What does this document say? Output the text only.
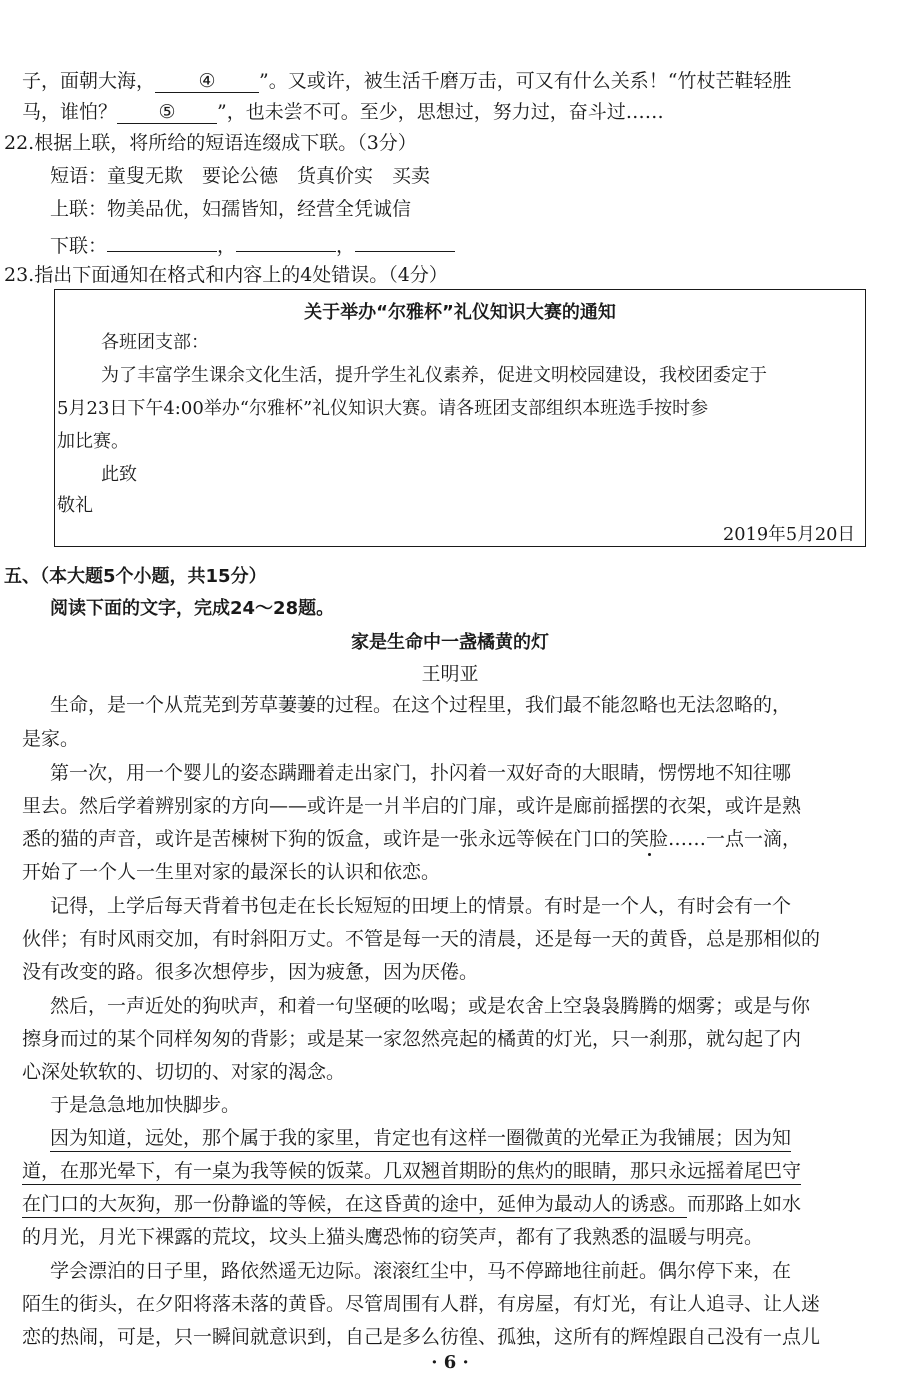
子，面朝大海， ④ ”。又或许，被生活千磨万击，可又有什么关系！“竹杖芒鞋轻胜
马，谁怕？ ⑤ ”，也未尝不可。至少，思想过，努力过，奋斗过……
22.根据上联，将所给的短语连缀成下联。（3分）
短语：童叟无欺　要论公德　货真价实　买卖
上联：物美品优，妇孺皆知，经营全凭诚信
下联：	，	，
23.指出下面通知在格式和内容上的4处错误。（4分）
关于举办“尔雅杯”礼仪知识大赛的通知
各班团支部：
为了丰富学生课余文化生活，提升学生礼仪素养，促进文明校园建设，我校团委定于
5月23日下午4:00举办“尔雅杯”礼仪知识大赛。请各班团支部组织本班选手按时参
加比赛。
此致
敬礼
2019年5月20日
五、（本大题5个小题，共15分）
阅读下面的文字，完成24～28题。
家是生命中一盏橘黄的灯
王明亚
生命，是一个从荒芜到芳草萋萋的过程。在这个过程里，我们最不能忽略也无法忽略的，
是家。
第一次，用一个婴儿的姿态蹒跚着走出家门，扑闪着一双好奇的大眼睛，愣愣地不知往哪
里去。然后学着辨别家的方向——或许是一爿半启的门扉，或许是廊前摇摆的衣架，或许是熟
悉的猫的声音，或许是苦楝树下狗的饭盒，或许是一张永远等候在门口的笑脸……一点一滴，
开始了一个人一生里对家的最深长的认识和依恋。
记得，上学后每天背着书包走在长长短短的田埂上的情景。有时是一个人，有时会有一个
伙伴；有时风雨交加，有时斜阳万丈。不管是每一天的清晨，还是每一天的黄昏，总是那相似的
没有改变的路。很多次想停步，因为疲惫，因为厌倦。
然后，一声近处的狗吠声，和着一句坚硬的吆喝；或是农舍上空袅袅腾腾的烟雾；或是与你
擦身而过的某个同样匆匆的背影；或是某一家忽然亮起的橘黄的灯光，只一刹那，就勾起了内
心深处软软的、切切的、对家的渴念。
于是急急地加快脚步。
因为知道，远处，那个属于我的家里，肯定也有这样一圈微黄的光晕正为我铺展；因为知
道，在那光晕下，有一桌为我等候的饭菜。几双翘首期盼的焦灼的眼睛，那只永远摇着尾巴守
在门口的大灰狗，那一份静谧的等候，在这昏黄的途中，延伸为最动人的诱惑。而那路上如水
的月光，月光下裸露的荒坟，坟头上猫头鹰恐怖的窃笑声，都有了我熟悉的温暖与明亮。
学会漂泊的日子里，路依然遥无边际。滚滚红尘中，马不停蹄地往前赶。偶尔停下来，在
陌生的街头，在夕阳将落未落的黄昏。尽管周围有人群，有房屋，有灯光，有让人追寻、让人迷
恋的热闹，可是，只一瞬间就意识到，自己是多么彷徨、孤独，这所有的辉煌跟自己没有一点儿
· 6 ·
